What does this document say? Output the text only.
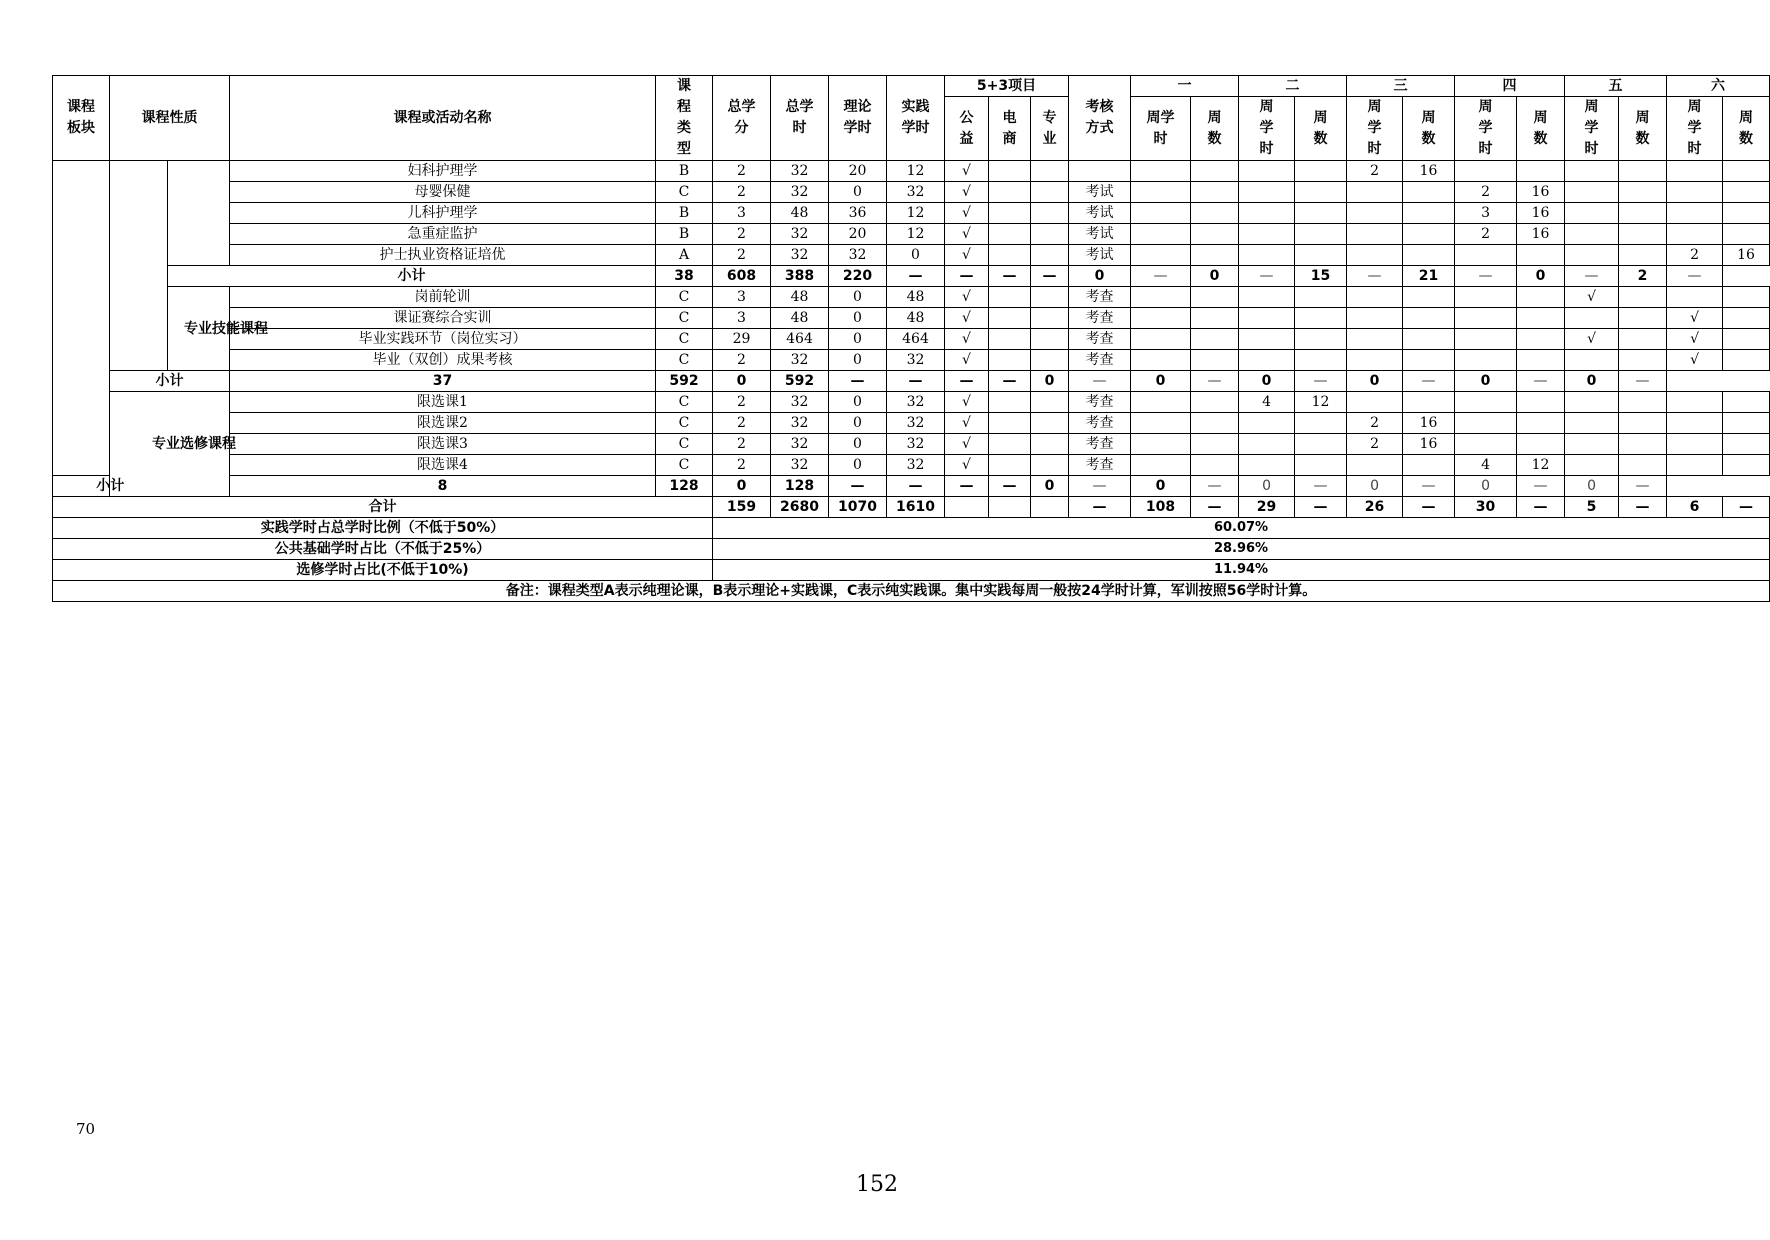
课程板块	课程性质		课程或活动名称	课程类型	总学分	总学时	理论学时	实践学时	5+3项目			考核方式	一		二		三		四		五		六	
									公益	电商	专业		周学时	周数	周学时	周数	周学时	周数	周学时	周数	周学时	周数	周学时	周数
			妇科护理学	B	2	32	20	12	√								2	16						
			母婴保健	C	2	32	0	32	√			考试							2	16				
			儿科护理学	B	3	48	36	12	√			考试							3	16				
			急重症监护	B	2	32	20	12	√			考试							2	16				
			护士执业资格证培优	A	2	32	32	0	√			考试											2	16
		小计		38	608	388	220	—	—	—	—	0	—	0	—	15	—	21	—	0	—	2	—	
		专业技能课程	岗前轮训	C	3	48	0	48	√			考查									√			
			课证赛综合实训	C	3	48	0	48	√			考查											√	
			毕业实践环节（岗位实习）	C	29	464	0	464	√			考查									√		√	
			毕业（双创）成果考核	C	2	32	0	32	√			考查											√	
	小计		37	592	0	592	—	—	—	—	0	—	0	—	0	—	0	—	0	—	0	—		
	专业选修课程		限选课1	C	2	32	0	32	√			考查			4	12								
			限选课2	C	2	32	0	32	√			考查					2	16						
			限选课3	C	2	32	0	32	√			考查					2	16						
			限选课4	C	2	32	0	32	√			考查							4	12				
小计			8	128	0	128	—	—	—	—	0	—	0	—	0	—	0	—	0	—	0	—		
合计					159	2680	1070	1610				—	108	—	29	—	26	—	30	—	5	—	6	—
实践学时占总学时比例（不低于50%）					60.07%																			
公共基础学时占比（不低于25%）					28.96%																			
选修学时占比(不低于10%)					11.94%																			
备注：课程类型A表示纯理论课，B表示理论+实践课，C表示纯实践课。集中实践每周一般按24学时计算，军训按照56学时计算。																								
70
152
